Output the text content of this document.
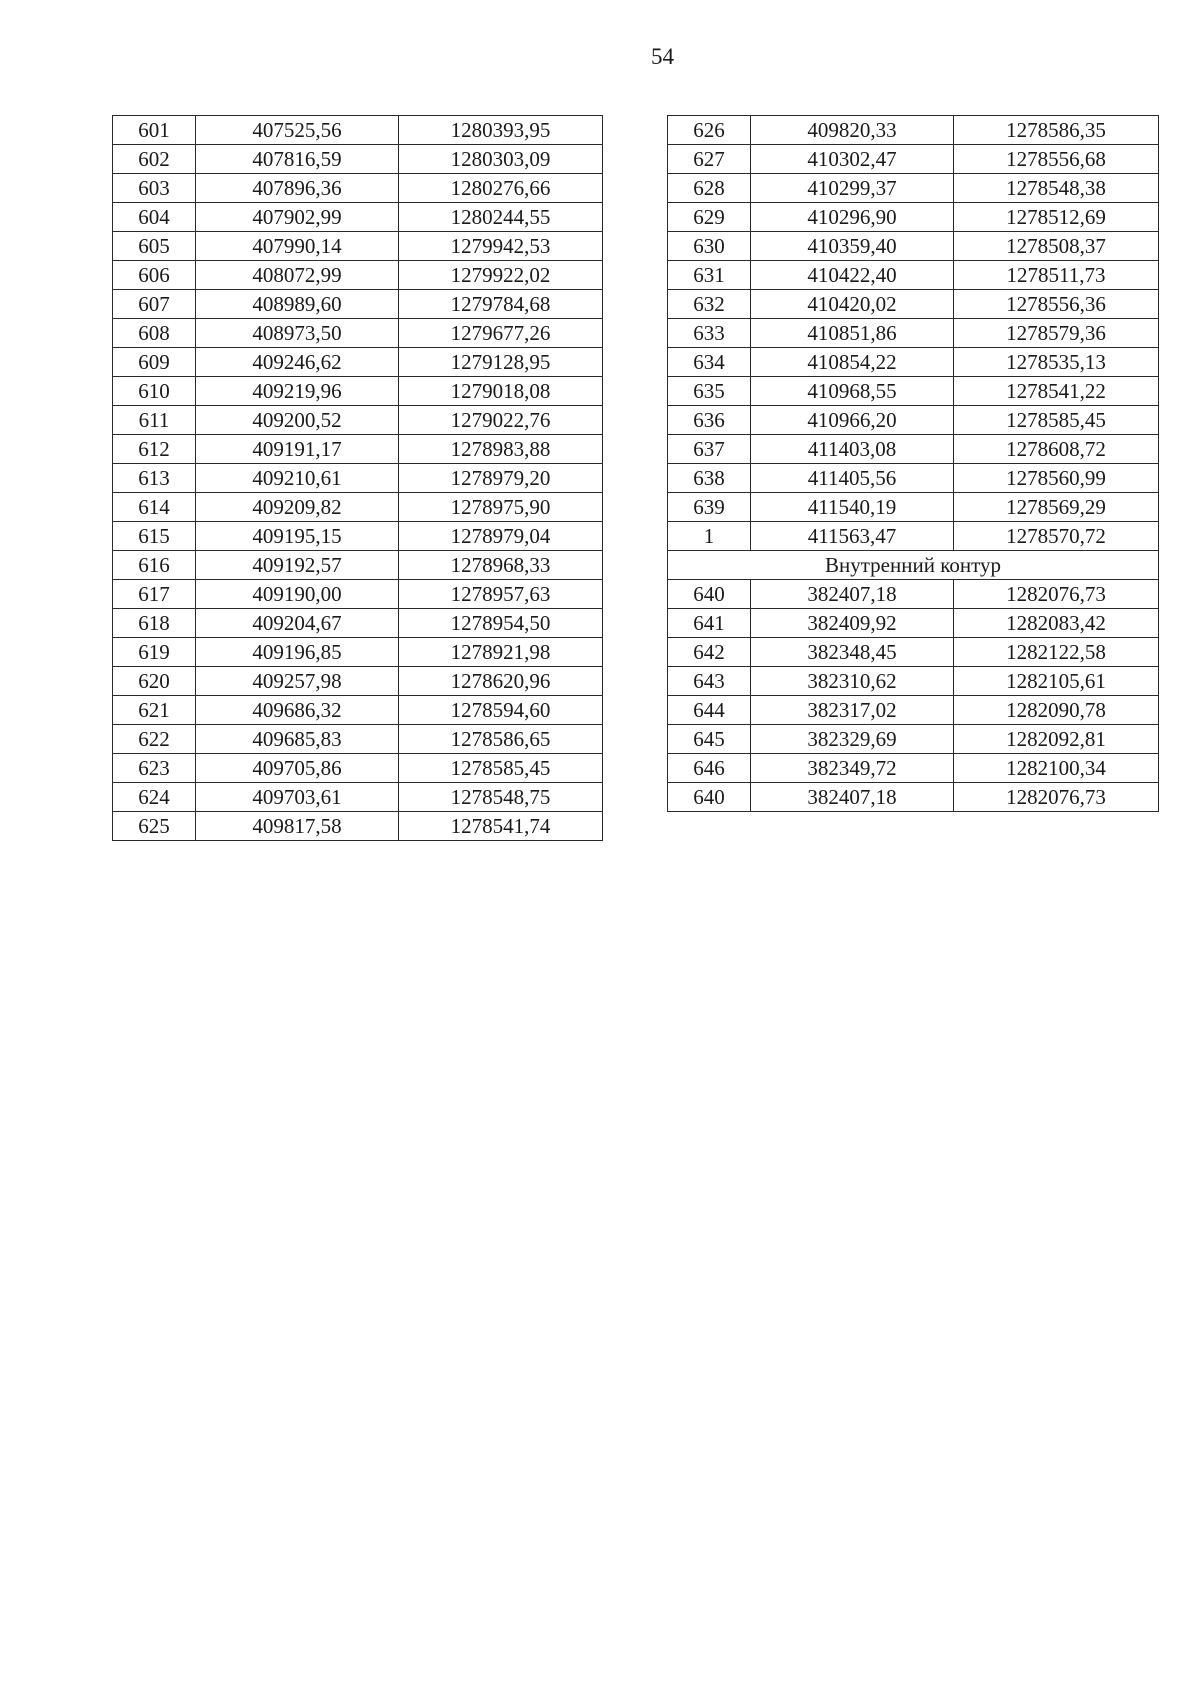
54
601	407525,56	1280393,95
602	407816,59	1280303,09
603	407896,36	1280276,66
604	407902,99	1280244,55
605	407990,14	1279942,53
606	408072,99	1279922,02
607	408989,60	1279784,68
608	408973,50	1279677,26
609	409246,62	1279128,95
610	409219,96	1279018,08
611	409200,52	1279022,76
612	409191,17	1278983,88
613	409210,61	1278979,20
614	409209,82	1278975,90
615	409195,15	1278979,04
616	409192,57	1278968,33
617	409190,00	1278957,63
618	409204,67	1278954,50
619	409196,85	1278921,98
620	409257,98	1278620,96
621	409686,32	1278594,60
622	409685,83	1278586,65
623	409705,86	1278585,45
624	409703,61	1278548,75
625	409817,58	1278541,74
626	409820,33	1278586,35
627	410302,47	1278556,68
628	410299,37	1278548,38
629	410296,90	1278512,69
630	410359,40	1278508,37
631	410422,40	1278511,73
632	410420,02	1278556,36
633	410851,86	1278579,36
634	410854,22	1278535,13
635	410968,55	1278541,22
636	410966,20	1278585,45
637	411403,08	1278608,72
638	411405,56	1278560,99
639	411540,19	1278569,29
1	411563,47	1278570,72
Внутренний контур		
640	382407,18	1282076,73
641	382409,92	1282083,42
642	382348,45	1282122,58
643	382310,62	1282105,61
644	382317,02	1282090,78
645	382329,69	1282092,81
646	382349,72	1282100,34
640	382407,18	1282076,73
